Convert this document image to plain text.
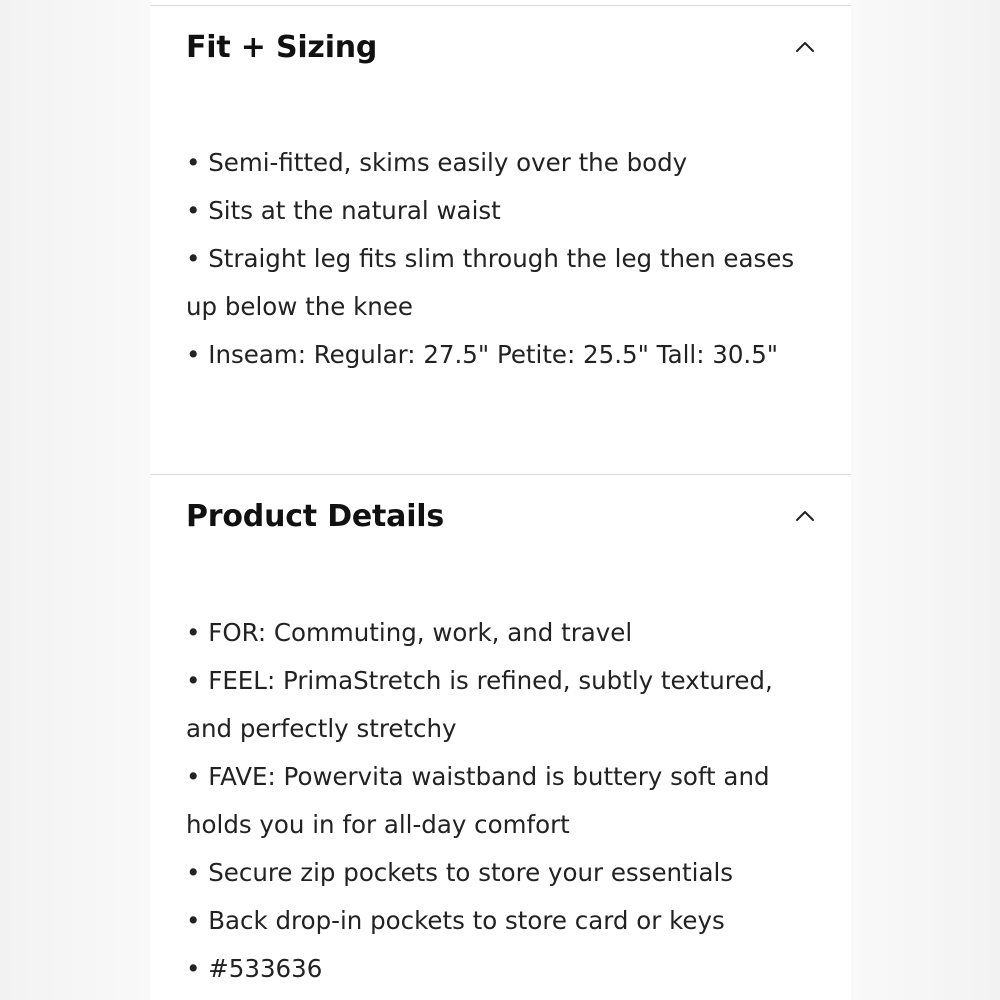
Fit + Sizing
• Semi-fitted, skims easily over the body
• Sits at the natural waist
• Straight leg fits slim through the leg then eases up below the knee
• Inseam: Regular: 27.5" Petite: 25.5" Tall: 30.5"
Product Details
• FOR: Commuting, work, and travel
• FEEL: PrimaStretch is refined, subtly textured, and perfectly stretchy
• FAVE: Powervita waistband is buttery soft and holds you in for all-day comfort
• Secure zip pockets to store your essentials
• Back drop-in pockets to store card or keys
• #533636
